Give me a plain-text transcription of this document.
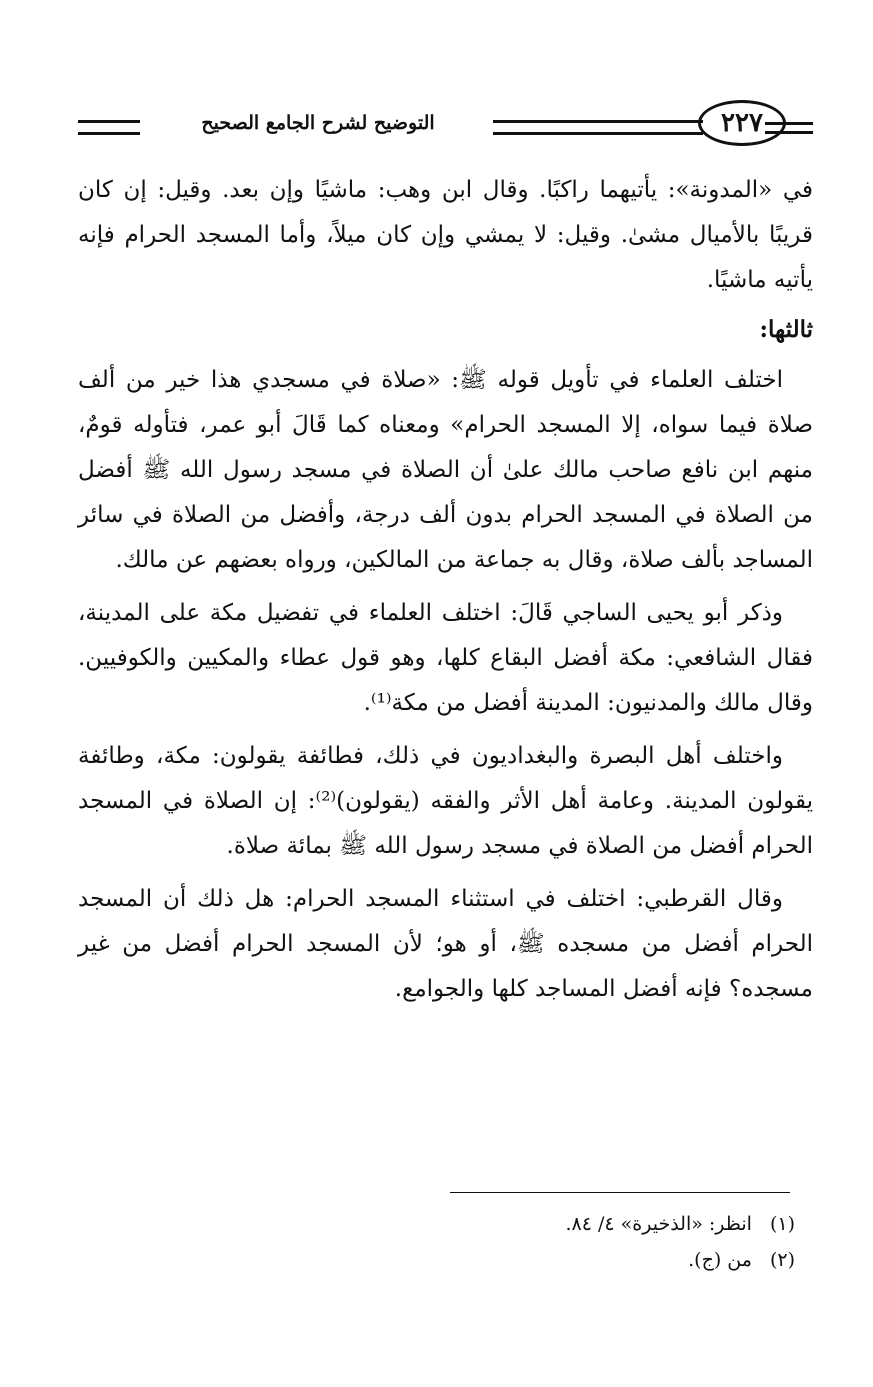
التوضيح لشرح الجامع الصحيح	٢٢٧

في «المدونة»: يأتيهما راكبًا. وقال ابن وهب: ماشيًا وإن بعد. وقيل: إن كان قريبًا بالأميال مشىٰ. وقيل: لا يمشي وإن كان ميلاً، وأما المسجد الحرام فإنه يأتيه ماشيًا.

ثالثها:

اختلف العلماء في تأويل قوله ﷺ: «صلاة في مسجدي هذا خير من ألف صلاة فيما سواه، إلا المسجد الحرام» ومعناه كما قَالَ أبو عمر، فتأوله قومٌ، منهم ابن نافع صاحب مالك علىٰ أن الصلاة في مسجد رسول الله ﷺ أفضل من الصلاة في المسجد الحرام بدون ألف درجة، وأفضل من الصلاة في سائر المساجد بألف صلاة، وقال به جماعة من المالكين، ورواه بعضهم عن مالك.

وذكر أبو يحيى الساجي قَالَ: اختلف العلماء في تفضيل مكة على المدينة، فقال الشافعي: مكة أفضل البقاع كلها، وهو قول عطاء والمكيين والكوفيين. وقال مالك والمدنيون: المدينة أفضل من مكة⁽¹⁾.

واختلف أهل البصرة والبغداديون في ذلك، فطائفة يقولون: مكة، وطائفة يقولون المدينة. وعامة أهل الأثر والفقه (يقولون)⁽²⁾: إن الصلاة في المسجد الحرام أفضل من الصلاة في مسجد رسول الله ﷺ بمائة صلاة.

وقال القرطبي: اختلف في استثناء المسجد الحرام: هل ذلك أن المسجد الحرام أفضل من مسجده ﷺ، أو هو؛ لأن المسجد الحرام أفضل من غير مسجده؟ فإنه أفضل المساجد كلها والجوامع.

(١)انظر: «الذخيرة» ٤/ ٨٤.
(٢)من (ج).
